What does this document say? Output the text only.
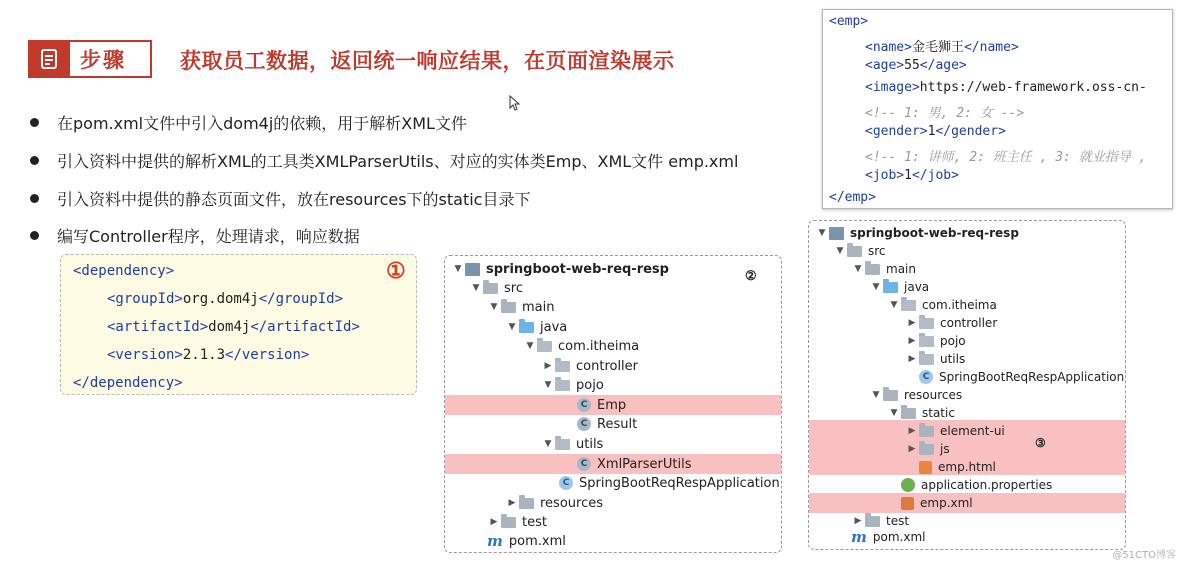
步骤	获取员工数据，返回统一响应结果，在页面渲染展示
在pom.xml文件中引入dom4j的依赖，用于解析XML文件
引入资料中提供的解析XML的工具类XMLParserUtils、对应的实体类Emp、XML文件 emp.xml
引入资料中提供的静态页面文件，放在resources下的static目录下
编写Controller程序，处理请求，响应数据
<dependency>
<groupId>org.dom4j</groupId>
<artifactId>dom4j</artifactId>
<version>2.1.3</version>
</dependency>
①
<emp>
<name>金毛狮王</name>
<age>55</age>
<image>https://web-framework.oss-cn-
<!-- 1: 男, 2: 女 -->
<gender>1</gender>
<!-- 1: 讲师, 2: 班主任 , 3: 就业指导 ,
<job>1</job>
</emp>
▼ springboot-web-req-resp
▼ src
▼ main
▼ java
▼ com.itheima
▶ controller
▼ pojo
C Emp
C Result
▼ utils
C XmlParserUtils
C SpringBootReqRespApplication
▶ resources
▶ test
m pom.xml
②
▼ springboot-web-req-resp
▼ src
▼ main
▼ java
▼ com.itheima
▶ controller
▶ pojo
▶ utils
C SpringBootReqRespApplication
▼ resources
▼ static
▶ element-ui
▶ js
emp.html
application.properties
emp.xml
▶ test
m pom.xml
③
@51CTO博客
